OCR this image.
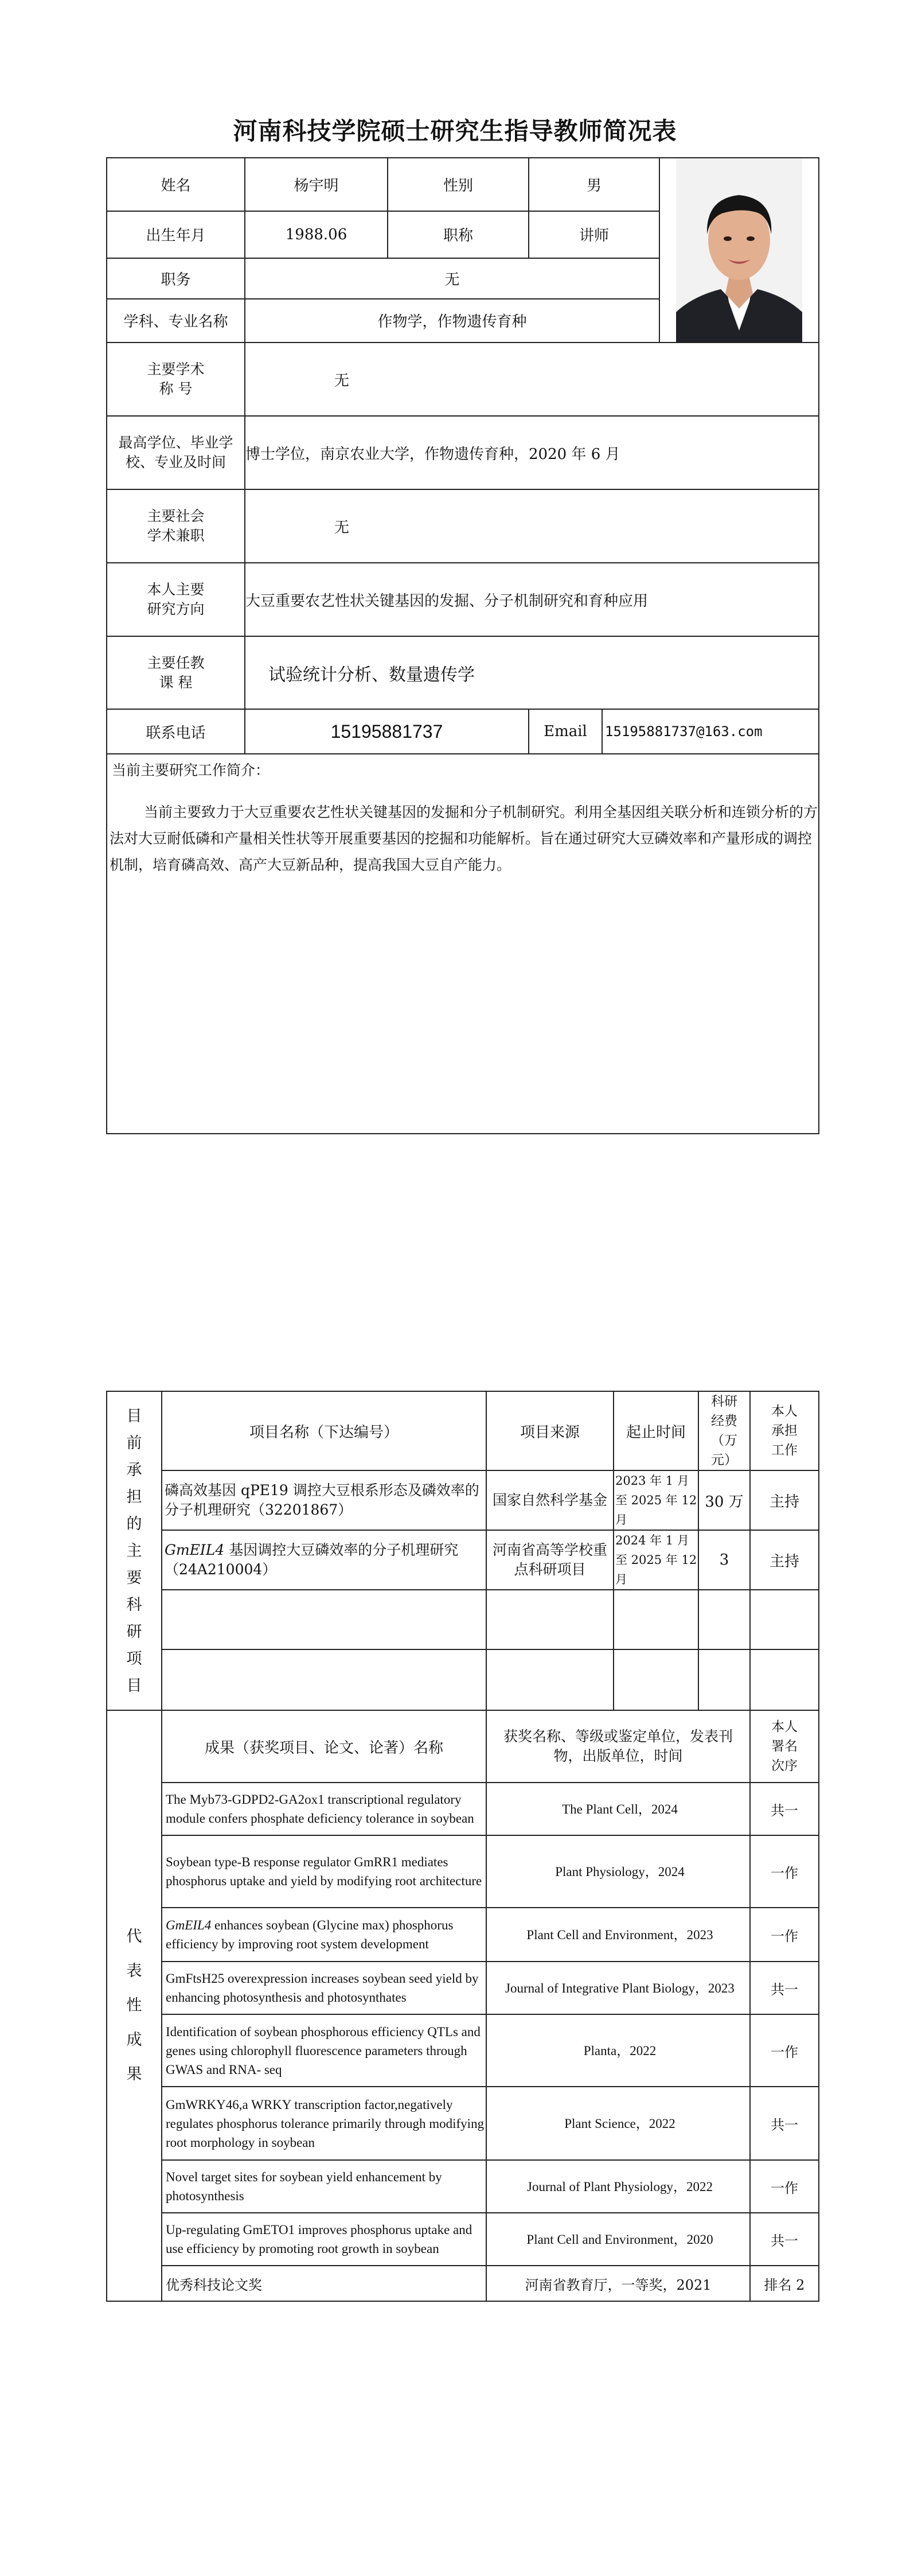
河南科技学院硕士研究生指导教师简况表
姓名	杨宇明	性别	男	

出生年月	1988.06	职称	讲师		
职务	无				
学科、专业名称	作物学，作物遗传育种				

主要学术
称 号	无				

最高学位、毕业学
校、专业及时间	博士学位，南京农业大学，作物遗传育种，2020 年 6 月				

主要社会
学术兼职	无				

本人主要
研究方向	大豆重要农艺性状关键基因的发掘、分子机制研究和育种应用				

主要任教
课 程	试验统计分析、数量遗传学				
联系电话	15195881737		Email	15195881737@163.com	

当前主要研究工作简介：
当前主要致力于大豆重要农艺性状关键基因的发掘和分子机制研究。利用全基因组关联分析和连锁分析的方法对大豆耐低磷和产量相关性状等开展重要基因的挖掘和功能解析。旨在通过研究大豆磷效率和产量形成的调控机制，培育磷高效、高产大豆新品种，提高我国大豆自产能力。					
目前承担的主要科研项目	项目名称（下达编号）	项目来源	起止时间	科研经费（万元）	本人承担工作

	磷高效基因 qPE19 调控大豆根系形态及磷效率的分子机理研究（32201867）	国家自然科学基金	2023 年 1 月至 2025 年 12 月	30 万	主持
	GmEIL4 基因调控大豆磷效率的分子机理研究（24A210004）	河南省高等学校重点科研项目	2024 年 1 月至 2025 年 12 月	3	主持

代表性成果	成果（获奖项目、论文、论著）名称	获奖名称、等级或鉴定单位，发表刊物，出版单位，时间			本人署名次序

	The Myb73-GDPD2-GA2ox1 transcriptional regulatory module confers phosphate deficiency tolerance in soybean	The Plant Cell，2024			共一
	Soybean type-B response regulator GmRR1 mediates phosphorus uptake and yield by modifying root architecture	Plant Physiology，2024			一作
	GmEIL4 enhances soybean (Glycine max) phosphorus efficiency by improving root system development	Plant Cell and Environment，2023			一作
	GmFtsH25 overexpression increases soybean seed yield by enhancing photosynthesis and photosynthates	Journal of Integrative Plant Biology，2023			共一
	Identification of soybean phosphorous efficiency QTLs and genes using chlorophyll fluorescence parameters through GWAS and RNA- seq	Planta，2022			一作
	GmWRKY46,a WRKY transcription factor,negatively regulates phosphorus tolerance primarily through modifying root morphology in soybean	Plant Science，2022			共一
	Novel target sites for soybean yield enhancement by photosynthesis	Journal of Plant Physiology，2022			一作
	Up-regulating GmETO1 improves phosphorus uptake and use efficiency by promoting root growth in soybean	Plant Cell and Environment，2020			共一
	优秀科技论文奖	河南省教育厅，一等奖，2021			排名 2
